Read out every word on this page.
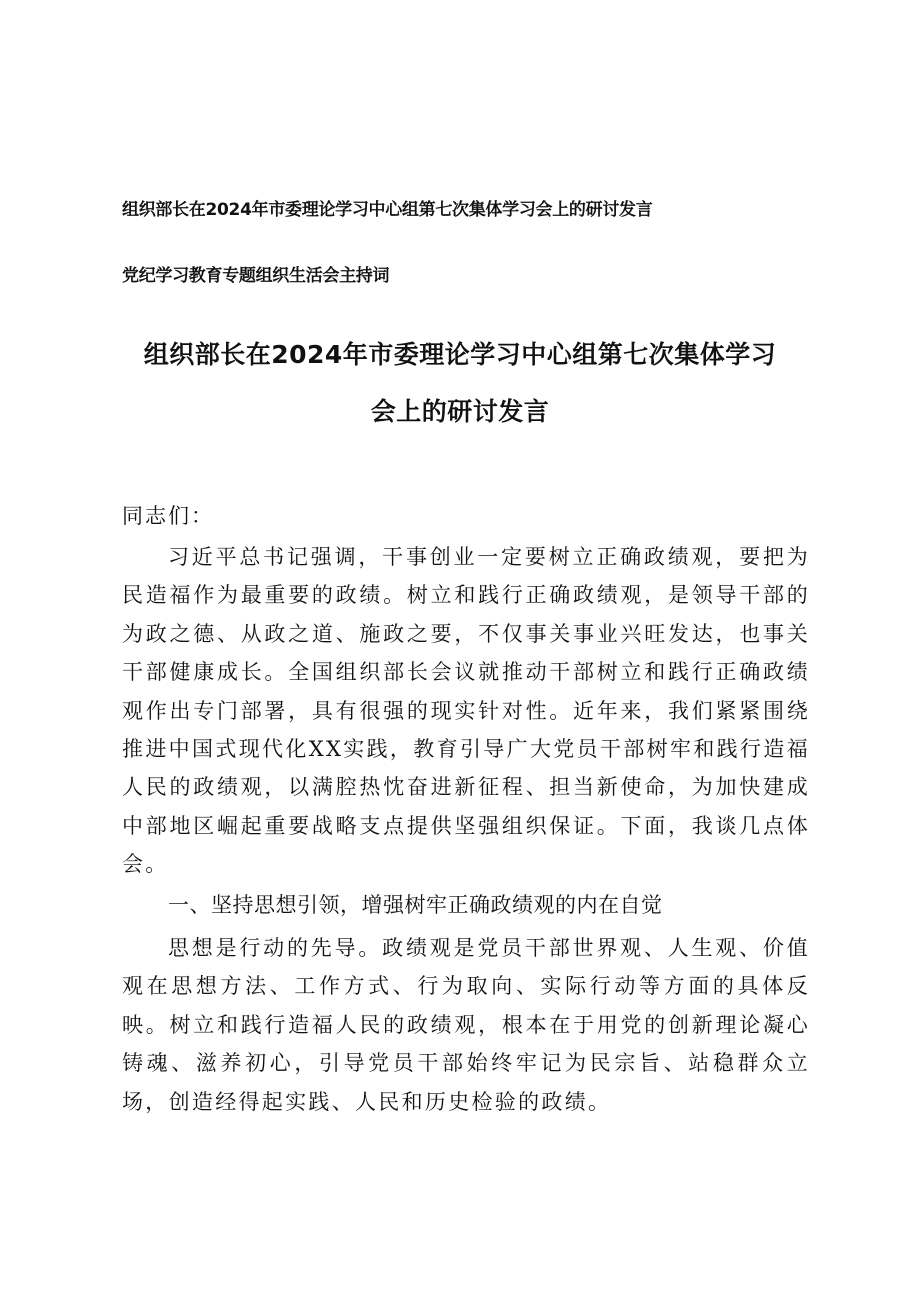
组织部长在2024年市委理论学习中心组第七次集体学习会上的研讨发言
党纪学习教育专题组织生活会主持词
组织部长在2024年市委理论学习中心组第七次集体学习
会上的研讨发言
同志们：
习近平总书记强调，干事创业一定要树立正确政绩观，要把为民造福作为最重要的政绩。树立和践行正确政绩观，是领导干部的为政之德、从政之道、施政之要，不仅事关事业兴旺发达，也事关干部健康成长。全国组织部长会议就推动干部树立和践行正确政绩观作出专门部署，具有很强的现实针对性。近年来，我们紧紧围绕推进中国式现代化XX实践，教育引导广大党员干部树牢和践行造福人民的政绩观，以满腔热忱奋进新征程、担当新使命，为加快建成中部地区崛起重要战略支点提供坚强组织保证。下面，我谈几点体会。
一、坚持思想引领，增强树牢正确政绩观的内在自觉
思想是行动的先导。政绩观是党员干部世界观、人生观、价值观在思想方法、工作方式、行为取向、实际行动等方面的具体反映。树立和践行造福人民的政绩观，根本在于用党的创新理论凝心铸魂、滋养初心，引导党员干部始终牢记为民宗旨、站稳群众立场，创造经得起实践、人民和历史检验的政绩。
